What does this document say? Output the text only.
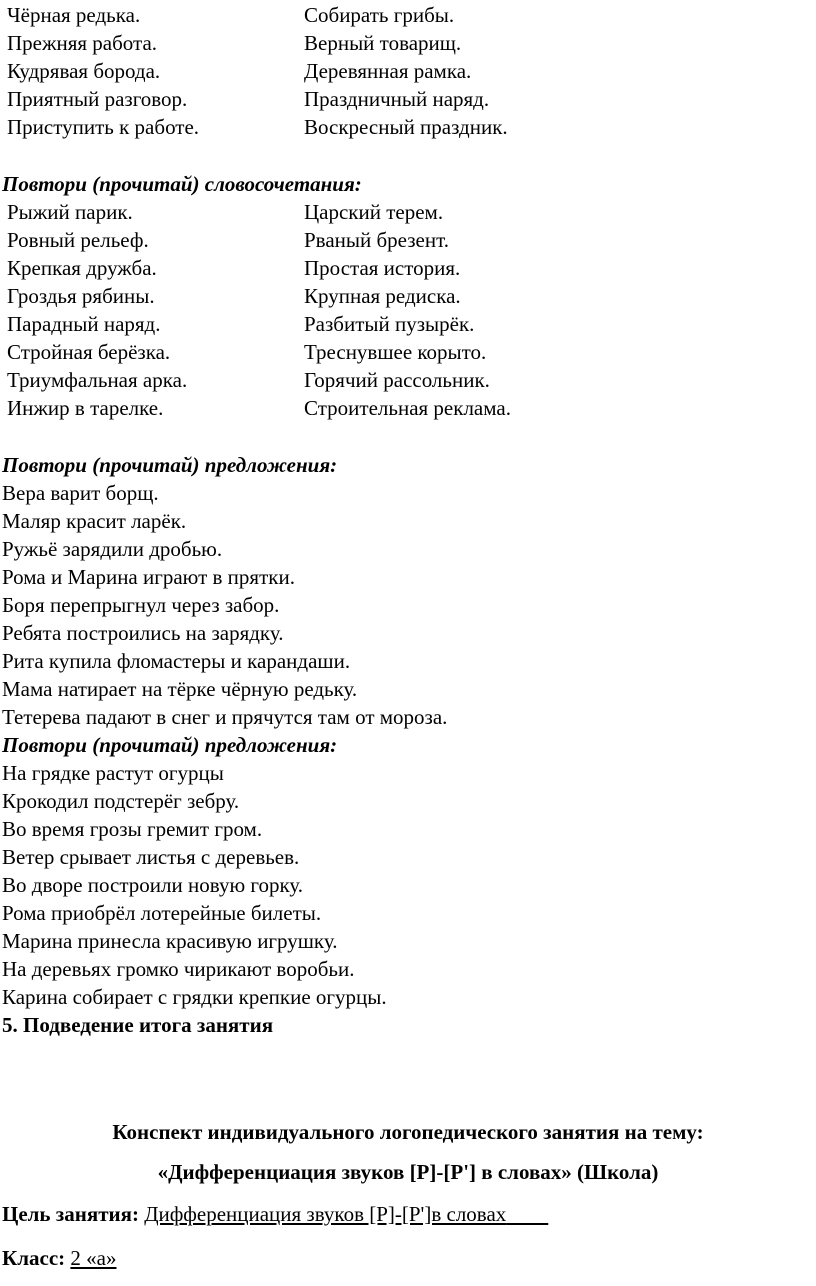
Чёрная редька.
Прежняя работа.
Кудрявая борода.
Приятный разговор.
Приступить к работе.
Собирать грибы.
Верный товарищ.
Деревянная рамка.
Праздничный наряд.
Воскресный праздник.
Повтори (прочитай) словосочетания:
Рыжий парик.
Ровный рельеф.
Крепкая дружба.
Гроздья рябины.
Парадный наряд.
Стройная берёзка.
Триумфальная арка.
Инжир в тарелке.
Царский терем.
Рваный брезент.
Простая история.
Крупная редиска.
Разбитый пузырёк.
Треснувшее корыто.
Горячий рассольник.
Строительная реклама.
Повтори (прочитай) предложения:
Вера варит борщ.
Маляр красит ларёк.
Ружьё зарядили дробью.
Рома и Марина играют в прятки.
Боря перепрыгнул через забор.
Ребята построились на зарядку.
Рита купила фломастеры и карандаши.
Мама натирает на тёрке чёрную редьку.
Тетерева падают в снег и прячутся там от мороза.
Повтори (прочитай) предложения:
На грядке растут огурцы
Крокодил подстерёг зебру.
Во время грозы гремит гром.
Ветер срывает листья с деревьев.
Во дворе построили новую горку.
Рома приобрёл лотерейные билеты.
Марина принесла красивую игрушку.
На деревьях громко чирикают воробьи.
Карина собирает с грядки крепкие огурцы.
5. Подведение итога занятия
Конспект индивидуального логопедического занятия на тему:
«Дифференциация звуков [Р]-[Р'] в словах» (Школа)
Цель занятия: Дифференциация звуков [Р]-[Р']в словах
Класс: 2 «а»
